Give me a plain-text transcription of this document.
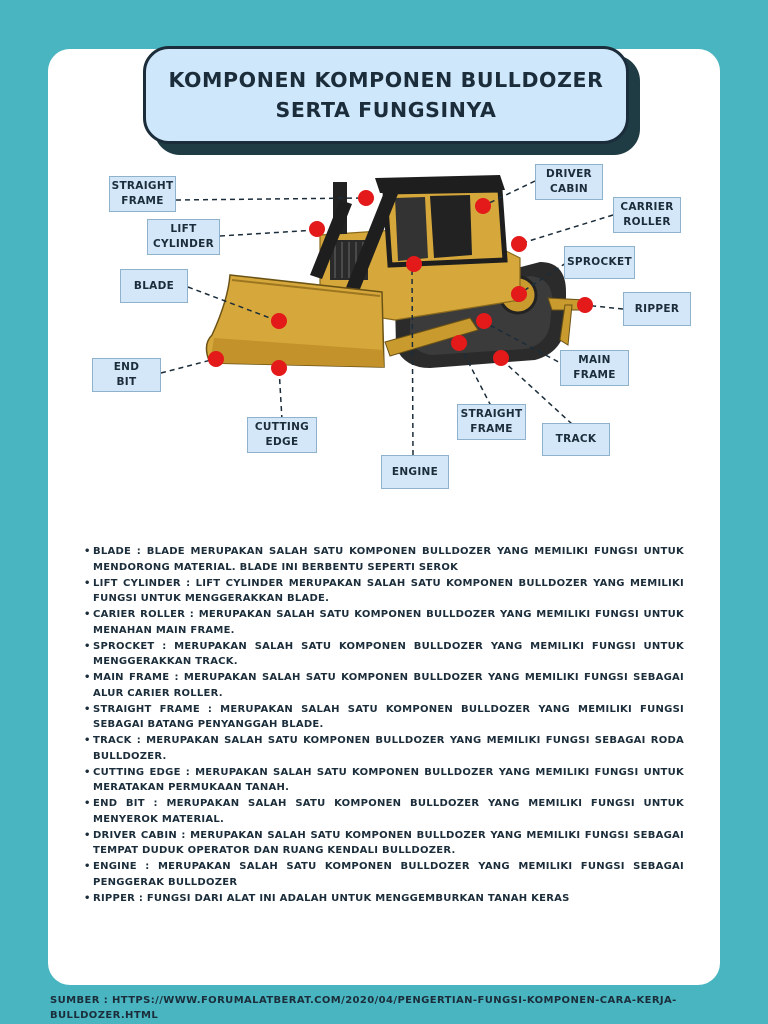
KOMPONEN KOMPONEN BULLDOZER
SERTA FUNGSINYA
STRAIGHT
FRAME
LIFT
CYLINDER
BLADE
END
BIT
CUTTING
EDGE
ENGINE
STRAIGHT
FRAME
TRACK
MAIN
FRAME
RIPPER
SPROCKET
CARRIER
ROLLER
DRIVER
CABIN
• BLADE : BLADE MERUPAKAN SALAH SATU KOMPONEN BULLDOZER YANG MEMILIKI FUNGSI UNTUK MENDORONG MATERIAL. BLADE INI BERBENTU SEPERTI SEROK
• LIFT CYLINDER : LIFT CYLINDER MERUPAKAN SALAH SATU KOMPONEN BULLDOZER YANG MEMILIKI FUNGSI UNTUK MENGGERAKKAN BLADE.
• CARIER ROLLER : MERUPAKAN SALAH SATU KOMPONEN BULLDOZER YANG MEMILIKI FUNGSI UNTUK MENAHAN MAIN FRAME.
• SPROCKET : MERUPAKAN SALAH SATU KOMPONEN BULLDOZER YANG MEMILIKI FUNGSI UNTUK MENGGERAKKAN TRACK.
• MAIN FRAME : MERUPAKAN SALAH SATU KOMPONEN BULLDOZER YANG MEMILIKI FUNGSI SEBAGAI ALUR CARIER ROLLER.
• STRAIGHT FRAME : MERUPAKAN SALAH SATU KOMPONEN BULLDOZER YANG MEMILIKI FUNGSI SEBAGAI BATANG PENYANGGAH BLADE.
• TRACK : MERUPAKAN SALAH SATU KOMPONEN BULLDOZER YANG MEMILIKI FUNGSI SEBAGAI RODA BULLDOZER.
• CUTTING EDGE : MERUPAKAN SALAH SATU KOMPONEN BULLDOZER YANG MEMILIKI FUNGSI UNTUK MERATAKAN PERMUKAAN TANAH.
• END BIT : MERUPAKAN SALAH SATU KOMPONEN BULLDOZER YANG MEMILIKI FUNGSI UNTUK MENYEROK MATERIAL.
• DRIVER CABIN : MERUPAKAN SALAH SATU KOMPONEN BULLDOZER YANG MEMILIKI FUNGSI SEBAGAI TEMPAT DUDUK OPERATOR DAN RUANG KENDALI BULLDOZER.
• ENGINE : MERUPAKAN SALAH SATU KOMPONEN BULLDOZER YANG MEMILIKI FUNGSI SEBAGAI PENGGERAK BULLDOZER
• RIPPER : FUNGSI DARI ALAT INI ADALAH UNTUK MENGGEMBURKAN TANAH KERAS
SUMBER : HTTPS://WWW.FORUMALATBERAT.COM/2020/04/PENGERTIAN-FUNGSI-KOMPONEN-CARA-KERJA-BULLDOZER.HTML
